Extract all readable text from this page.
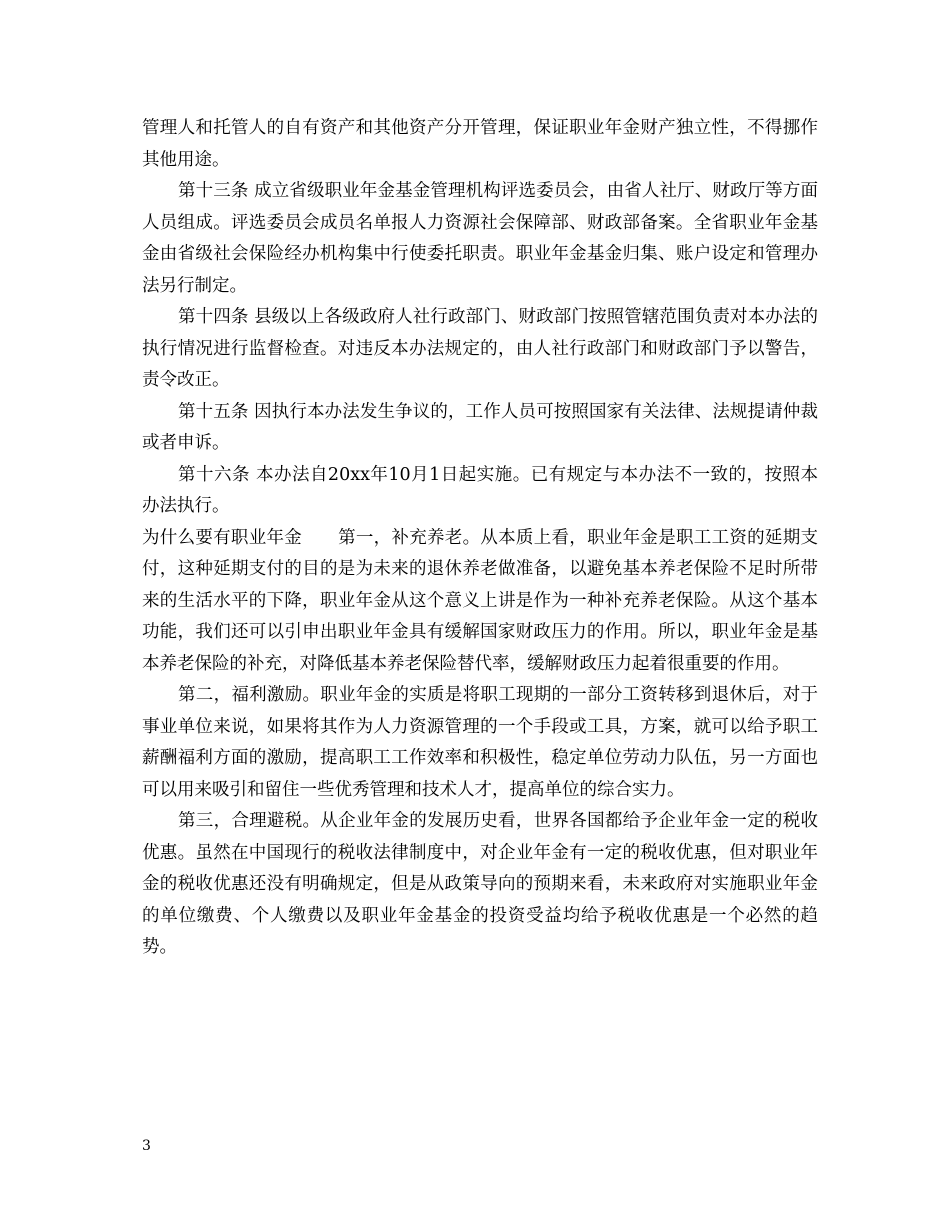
管理人和托管人的自有资产和其他资产分开管理，保证职业年金财产独立性，不得挪作其他用途。

第十三条 成立省级职业年金基金管理机构评选委员会，由省人社厅、财政厅等方面人员组成。评选委员会成员名单报人力资源社会保障部、财政部备案。全省职业年金基金由省级社会保险经办机构集中行使委托职责。职业年金基金归集、账户设定和管理办法另行制定。

第十四条 县级以上各级政府人社行政部门、财政部门按照管辖范围负责对本办法的执行情况进行监督检查。对违反本办法规定的，由人社行政部门和财政部门予以警告，责令改正。

第十五条 因执行本办法发生争议的，工作人员可按照国家有关法律、法规提请仲裁或者申诉。

第十六条 本办法自20xx年10月1日起实施。已有规定与本办法不一致的，按照本办法执行。

为什么要有职业年金 第一，补充养老。从本质上看，职业年金是职工工资的延期支付，这种延期支付的目的是为未来的退休养老做准备，以避免基本养老保险不足时所带来的生活水平的下降，职业年金从这个意义上讲是作为一种补充养老保险。从这个基本功能，我们还可以引申出职业年金具有缓解国家财政压力的作用。所以，职业年金是基本养老保险的补充，对降低基本养老保险替代率，缓解财政压力起着很重要的作用。

第二，福利激励。职业年金的实质是将职工现期的一部分工资转移到退休后，对于事业单位来说，如果将其作为人力资源管理的一个手段或工具，方案，就可以给予职工薪酬福利方面的激励，提高职工工作效率和积极性，稳定单位劳动力队伍，另一方面也可以用来吸引和留住一些优秀管理和技术人才，提高单位的综合实力。

第三，合理避税。从企业年金的发展历史看，世界各国都给予企业年金一定的税收优惠。虽然在中国现行的税收法律制度中，对企业年金有一定的税收优惠，但对职业年金的税收优惠还没有明确规定，但是从政策导向的预期来看，未来政府对实施职业年金的单位缴费、个人缴费以及职业年金基金的投资受益均给予税收优惠是一个必然的趋势。

3
